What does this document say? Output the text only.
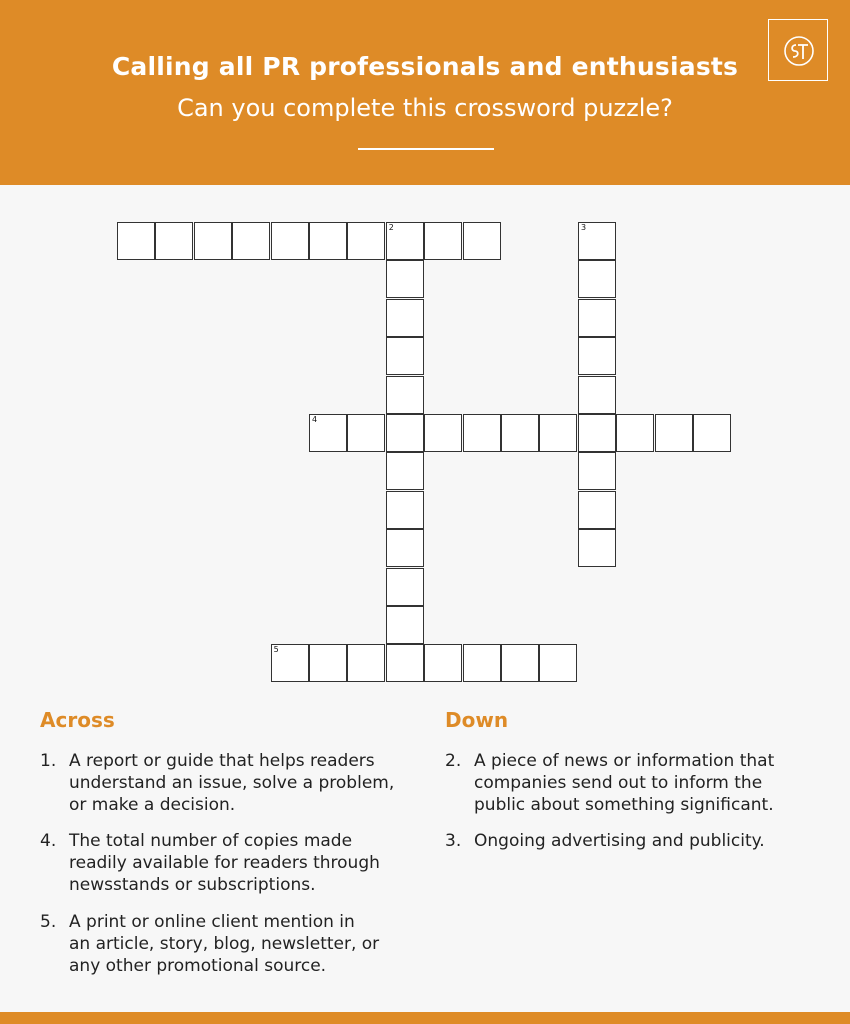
Calling all PR professionals and enthusiasts
Can you complete this crossword puzzle?
2	3
4
5
Across	Down
1. A report or guide that helps readers
understand an issue, solve a problem,
or make a decision.
4. The total number of copies made
readily available for readers through
newsstands or subscriptions.
5. A print or online client mention in
an article, story, blog, newsletter, or
any other promotional source.
2. A piece of news or information that
companies send out to inform the
public about something significant.
3. Ongoing advertising and publicity.
